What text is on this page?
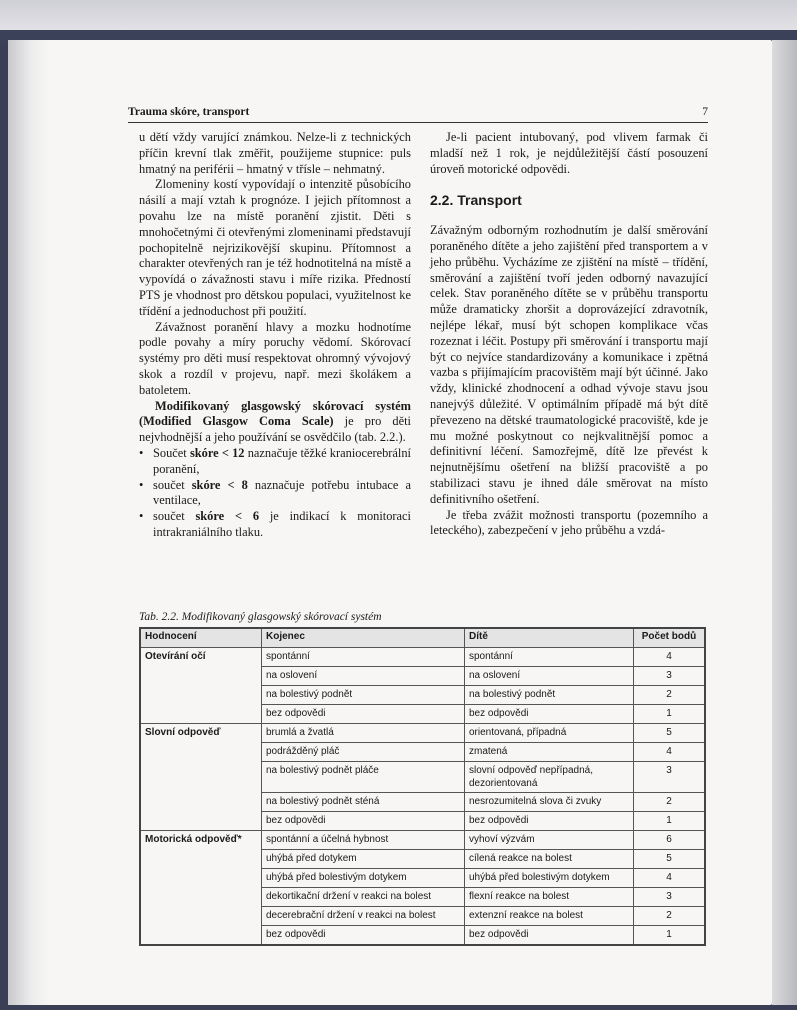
Trauma skóre, transport	7

u dětí vždy varující známkou. Nelze-li z technických příčin krevní tlak změřit, použijeme stupnice: puls hmatný na periférii – hmatný v tříslе – nehmatný.

Zlomeniny kostí vypovídají o intenzitě působícího násilí a mají vztah k prognóze. I jejich přítomnost a povahu lze na místě poranění zjistit. Děti s mnohočetnými či otevřenými zlomeninami představují pochopitelně nejrizikovější skupinu. Přítomnost a charakter otevřených ran je též hodnotitelná na místě a vypovídá o závažnosti stavu i míře rizika. Předností PTS je vhodnost pro dětskou populaci, využitelnost ke třídění a jednoduchost při použití.

Závažnost poranění hlavy a mozku hodnotíme podle povahy a míry poruchy vědomí. Skórovací systémy pro děti musí respektovat ohromný vývojový skok a rozdíl v projevu, např. mezi školákem a batoletem.

Modifikovaný glasgowský skórovací systém (Modified Glasgow Coma Scale) je pro děti nejvhodnější a jeho používání se osvědčilo (tab. 2.2.).

• Součet skóre < 12 naznačuje těžké kraniocerebrální poranění,
• součet skóre < 8 naznačuje potřebu intubace a ventilace,
• součet skóre < 6 je indikací k monitoraci intrakraniálního tlaku.

Je-li pacient intubovaný, pod vlivem farmak či mladší než 1 rok, je nejdůležitější částí posouzení úroveň motorické odpovědi.

2.2. Transport

Závažným odborným rozhodnutím je další směrování poraněného dítěte a jeho zajištění před transportem a v jeho průběhu. Vycházíme ze zjištění na místě – třídění, směrování a zajištění tvoří jeden odborný navazující celek. Stav poraněného dítěte se v průběhu transportu může dramaticky zhoršit a doprovázející zdravotník, nejlépe lékař, musí být schopen komplikace včas rozeznat i léčit. Postupy při směrování i transportu mají být co nejvíce standardizovány a komunikace i zpětná vazba s přijímajícím pracovištěm mají být účinné. Jako vždy, klinické zhodnocení a odhad vývoje stavu jsou nanejvýš důležité. V optimálním případě má být dítě převezeno na dětské traumatologické pracoviště, kde je mu možné poskytnout co nejkvalitnější pomoc a definitivní léčení. Samozřejmě, dítě lze převést k nejnutnějšímu ošetření na bližší pracoviště a po stabilizaci stavu je ihned dále směrovat na místo definitivního ošetření.

Je třeba zvážit možnosti transportu (pozemního a leteckého), zabezpečení v jeho průběhu a vzdá-

Tab. 2.2. Modifikovaný glasgowský skórovací systém
Hodnocení	Kojenec	Dítě	Počet bodů
Otevírání očí	spontánní	spontánní	4
	na oslovení	na oslovení	3
	na bolestivý podnět	na bolestivý podnět	2
	bez odpovědi	bez odpovědi	1
Slovní odpověď	brumlá a žvatlá	orientovaná, případná	5
	podrážděný pláč	zmatená	4
	na bolestivý podnět pláče	slovní odpověď nepřípadná, dezorientovaná	3
	na bolestivý podnět sténá	nesrozumitelná slova či zvuky	2
	bez odpovědi	bez odpovědi	1
Motorická odpověď*	spontánní a účelná hybnost	vyhoví výzvám	6
	uhýbá před dotykem	cílená reakce na bolest	5
	uhýbá před bolestivým dotykem	uhýbá před bolestivým dotykem	4
	dekortikační držení v reakci na bolest	flexní reakce na bolest	3
	decerebrační držení v reakci na bolest	extenzní reakce na bolest	2
	bez odpovědi	bez odpovědi	1
